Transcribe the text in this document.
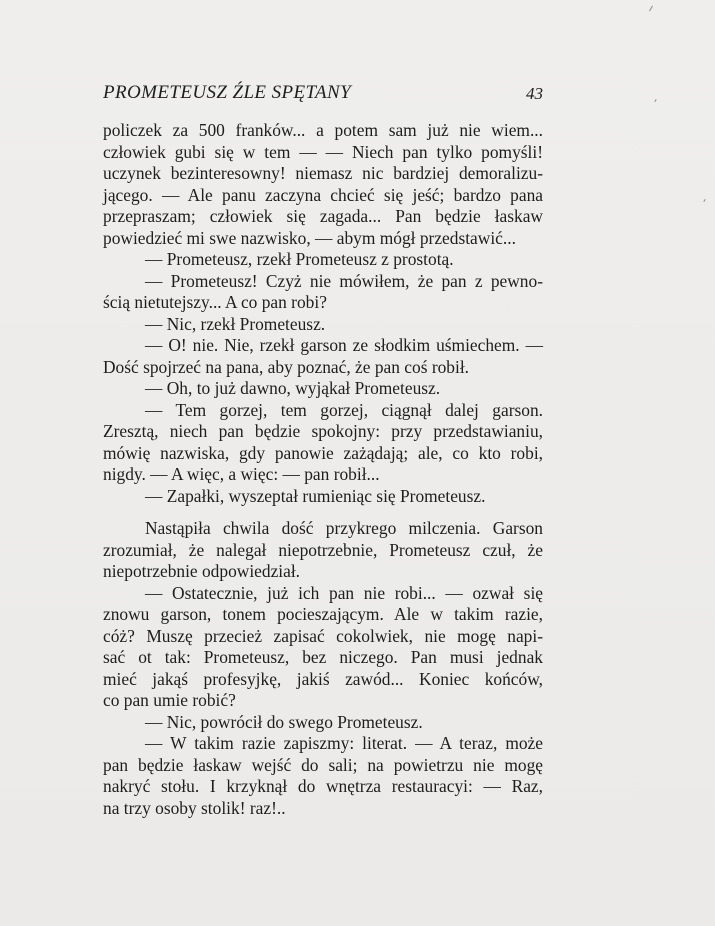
PROMETEUSZ ŹLE SPĘTANY	43
policzek za 500 franków... a potem sam już nie wiem...
człowiek gubi się w tem — — Niech pan tylko pomyśli!
uczynek bezinteresowny! niemasz nic bardziej demoralizu-
jącego. — Ale panu zaczyna chcieć się jeść; bardzo pana
przepraszam; człowiek się zagada... Pan będzie łaskaw
powiedzieć mi swe nazwisko, — abym mógł przedstawić...
— Prometeusz, rzekł Prometeusz z prostotą.
— Prometeusz! Czyż nie mówiłem, że pan z pewno-
ścią nietutejszy... A co pan robi?
— Nic, rzekł Prometeusz.
— O! nie. Nie, rzekł garson ze słodkim uśmiechem. —
Dość spojrzeć na pana, aby poznać, że pan coś robił.
— Oh, to już dawno, wyjąkał Prometeusz.
— Tem gorzej, tem gorzej, ciągnął dalej garson.
Zresztą, niech pan będzie spokojny: przy przedstawianiu,
mówię nazwiska, gdy panowie zażądają; ale, co kto robi,
nigdy. — A więc, a więc: — pan robił...
— Zapałki, wyszeptał rumieniąc się Prometeusz.
Nastąpiła chwila dość przykrego milczenia. Garson
zrozumiał, że nalegał niepotrzebnie, Prometeusz czuł, że
niepotrzebnie odpowiedział.
— Ostatecznie, już ich pan nie robi... — ozwał się
znowu garson, tonem pocieszającym. Ale w takim razie,
cóż? Muszę przecież zapisać cokolwiek, nie mogę napi-
sać ot tak: Prometeusz, bez niczego. Pan musi jednak
mieć jakąś profesyjkę, jakiś zawód... Koniec końców,
co pan umie robić?
— Nic, powrócił do swego Prometeusz.
— W takim razie zapiszmy: literat. — A teraz, może
pan będzie łaskaw wejść do sali; na powietrzu nie mogę
nakryć stołu. I krzyknął do wnętrza restauracyi: — Raz,
na trzy osoby stolik! raz!..
